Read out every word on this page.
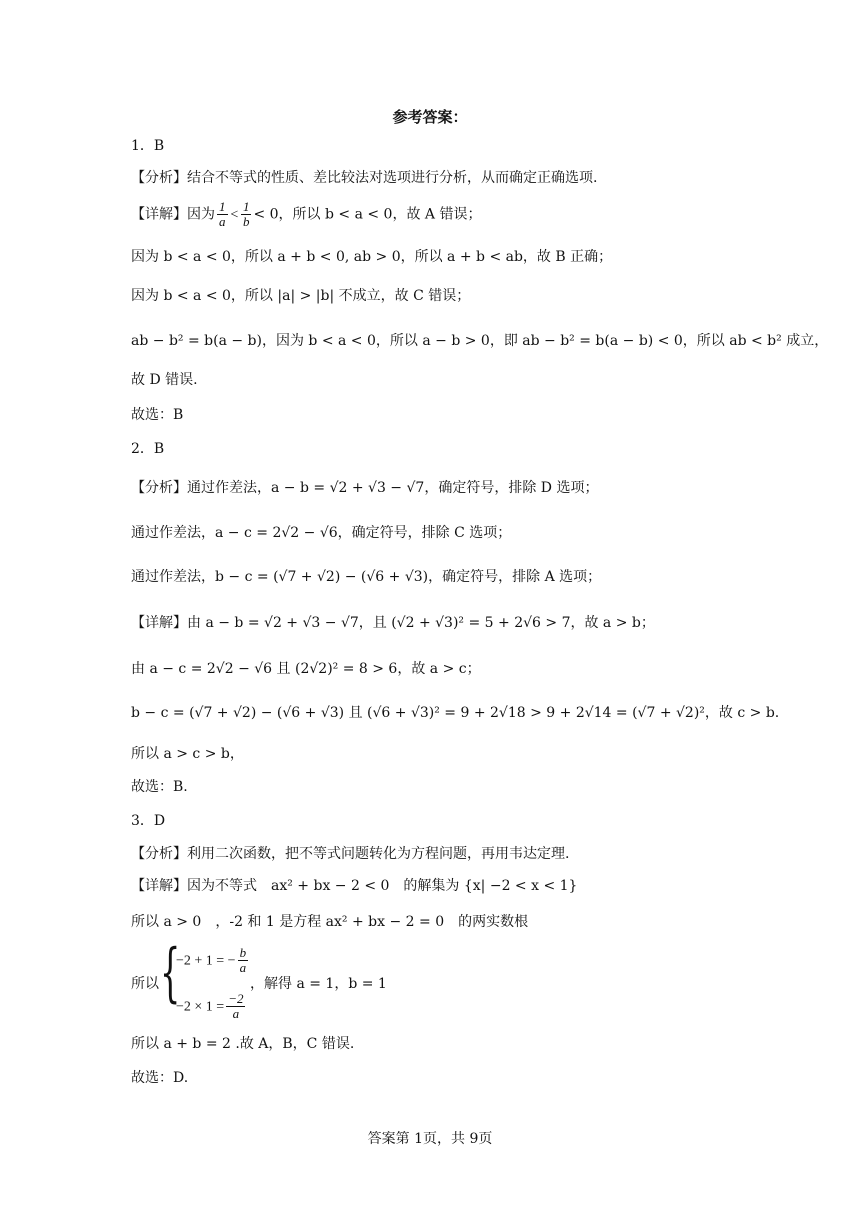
参考答案：
1．B
【分析】结合不等式的性质、差比较法对选项进行分析，从而确定正确选项.
【详解】因为 $\frac{1}{a} < \frac{1}{b} < 0$，所以 b < a < 0，故 A 错误；
因为 b < a < 0，所以 a + b < 0, ab > 0，所以 a + b < ab，故 B 正确；
因为 b < a < 0，所以 |a| > |b| 不成立，故 C 错误；
ab − b² = b(a − b)，因为 b < a < 0，所以 a − b > 0，即 ab − b² = b(a − b) < 0，所以 ab < b² 成立，
故 D 错误.
故选：B
2．B
【分析】通过作差法，a − b = √2 + √3 − √7，确定符号，排除 D 选项；
通过作差法，a − c = 2√2 − √6，确定符号，排除 C 选项；
通过作差法，b − c = (√7 + √2) − (√6 + √3)，确定符号，排除 A 选项；
【详解】由 a − b = √2 + √3 − √7，且 (√2 + √3)² = 5 + 2√6 > 7，故 a > b；
由 a − c = 2√2 − √6 且 (2√2)² = 8 > 6，故 a > c；
b − c = (√7 + √2) − (√6 + √3) 且 (√6 + √3)² = 9 + 2√18 > 9 + 2√14 = (√7 + √2)²，故 c > b.
所以 a > c > b，
故选：B.
3．D
【分析】利用二次函数，把不等式问题转化为方程问题，再用韦达定理.
【详解】因为不等式　ax² + bx − 2 < 0　的解集为 {x| −2 < x < 1}
所以 a > 0　，-2 和 1 是方程 ax² + bx − 2 = 0　的两实数根
所以 {
−2 + 1 = − $\frac{b}{a}$
$-2 \times 1 = \frac{-2}{a}$
，解得 a = 1，b = 1
所以 a + b = 2 .故 A，B，C 错误.
故选：D.
答案第 1页，共 9页
